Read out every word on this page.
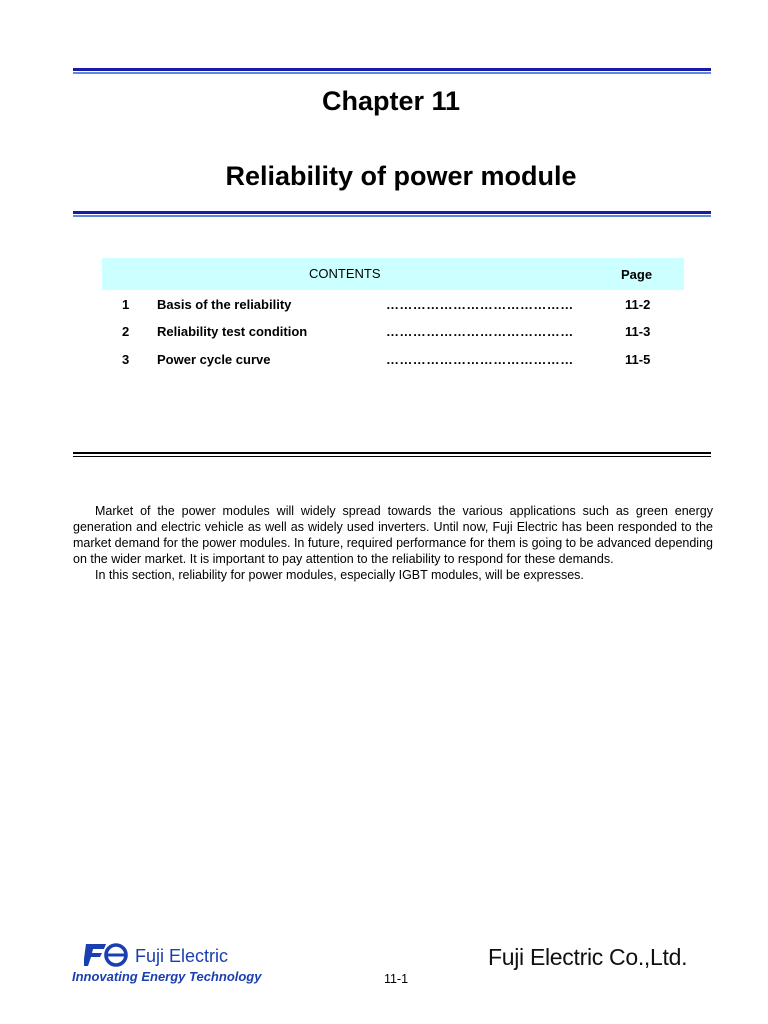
Chapter 11
Reliability of power module
CONTENTS	Page
1 Basis of the reliability	……………………………………	11-2
2 Reliability test condition	……………………………………	11-3
3 Power cycle curve	……………………………………	11-5

Market of the power modules will widely spread towards the various applications such as green energy generation and electric vehicle as well as widely used inverters. Until now, Fuji Electric has been responded to the market demand for the power modules. In future, required performance for them is going to be advanced depending on the wider market. It is important to pay attention to the reliability to respond for these demands.

In this section, reliability for power modules, especially IGBT modules, will be expresses.

Fuji Electric
Innovating Energy Technology
Fuji Electric Co.,Ltd.
11-1
